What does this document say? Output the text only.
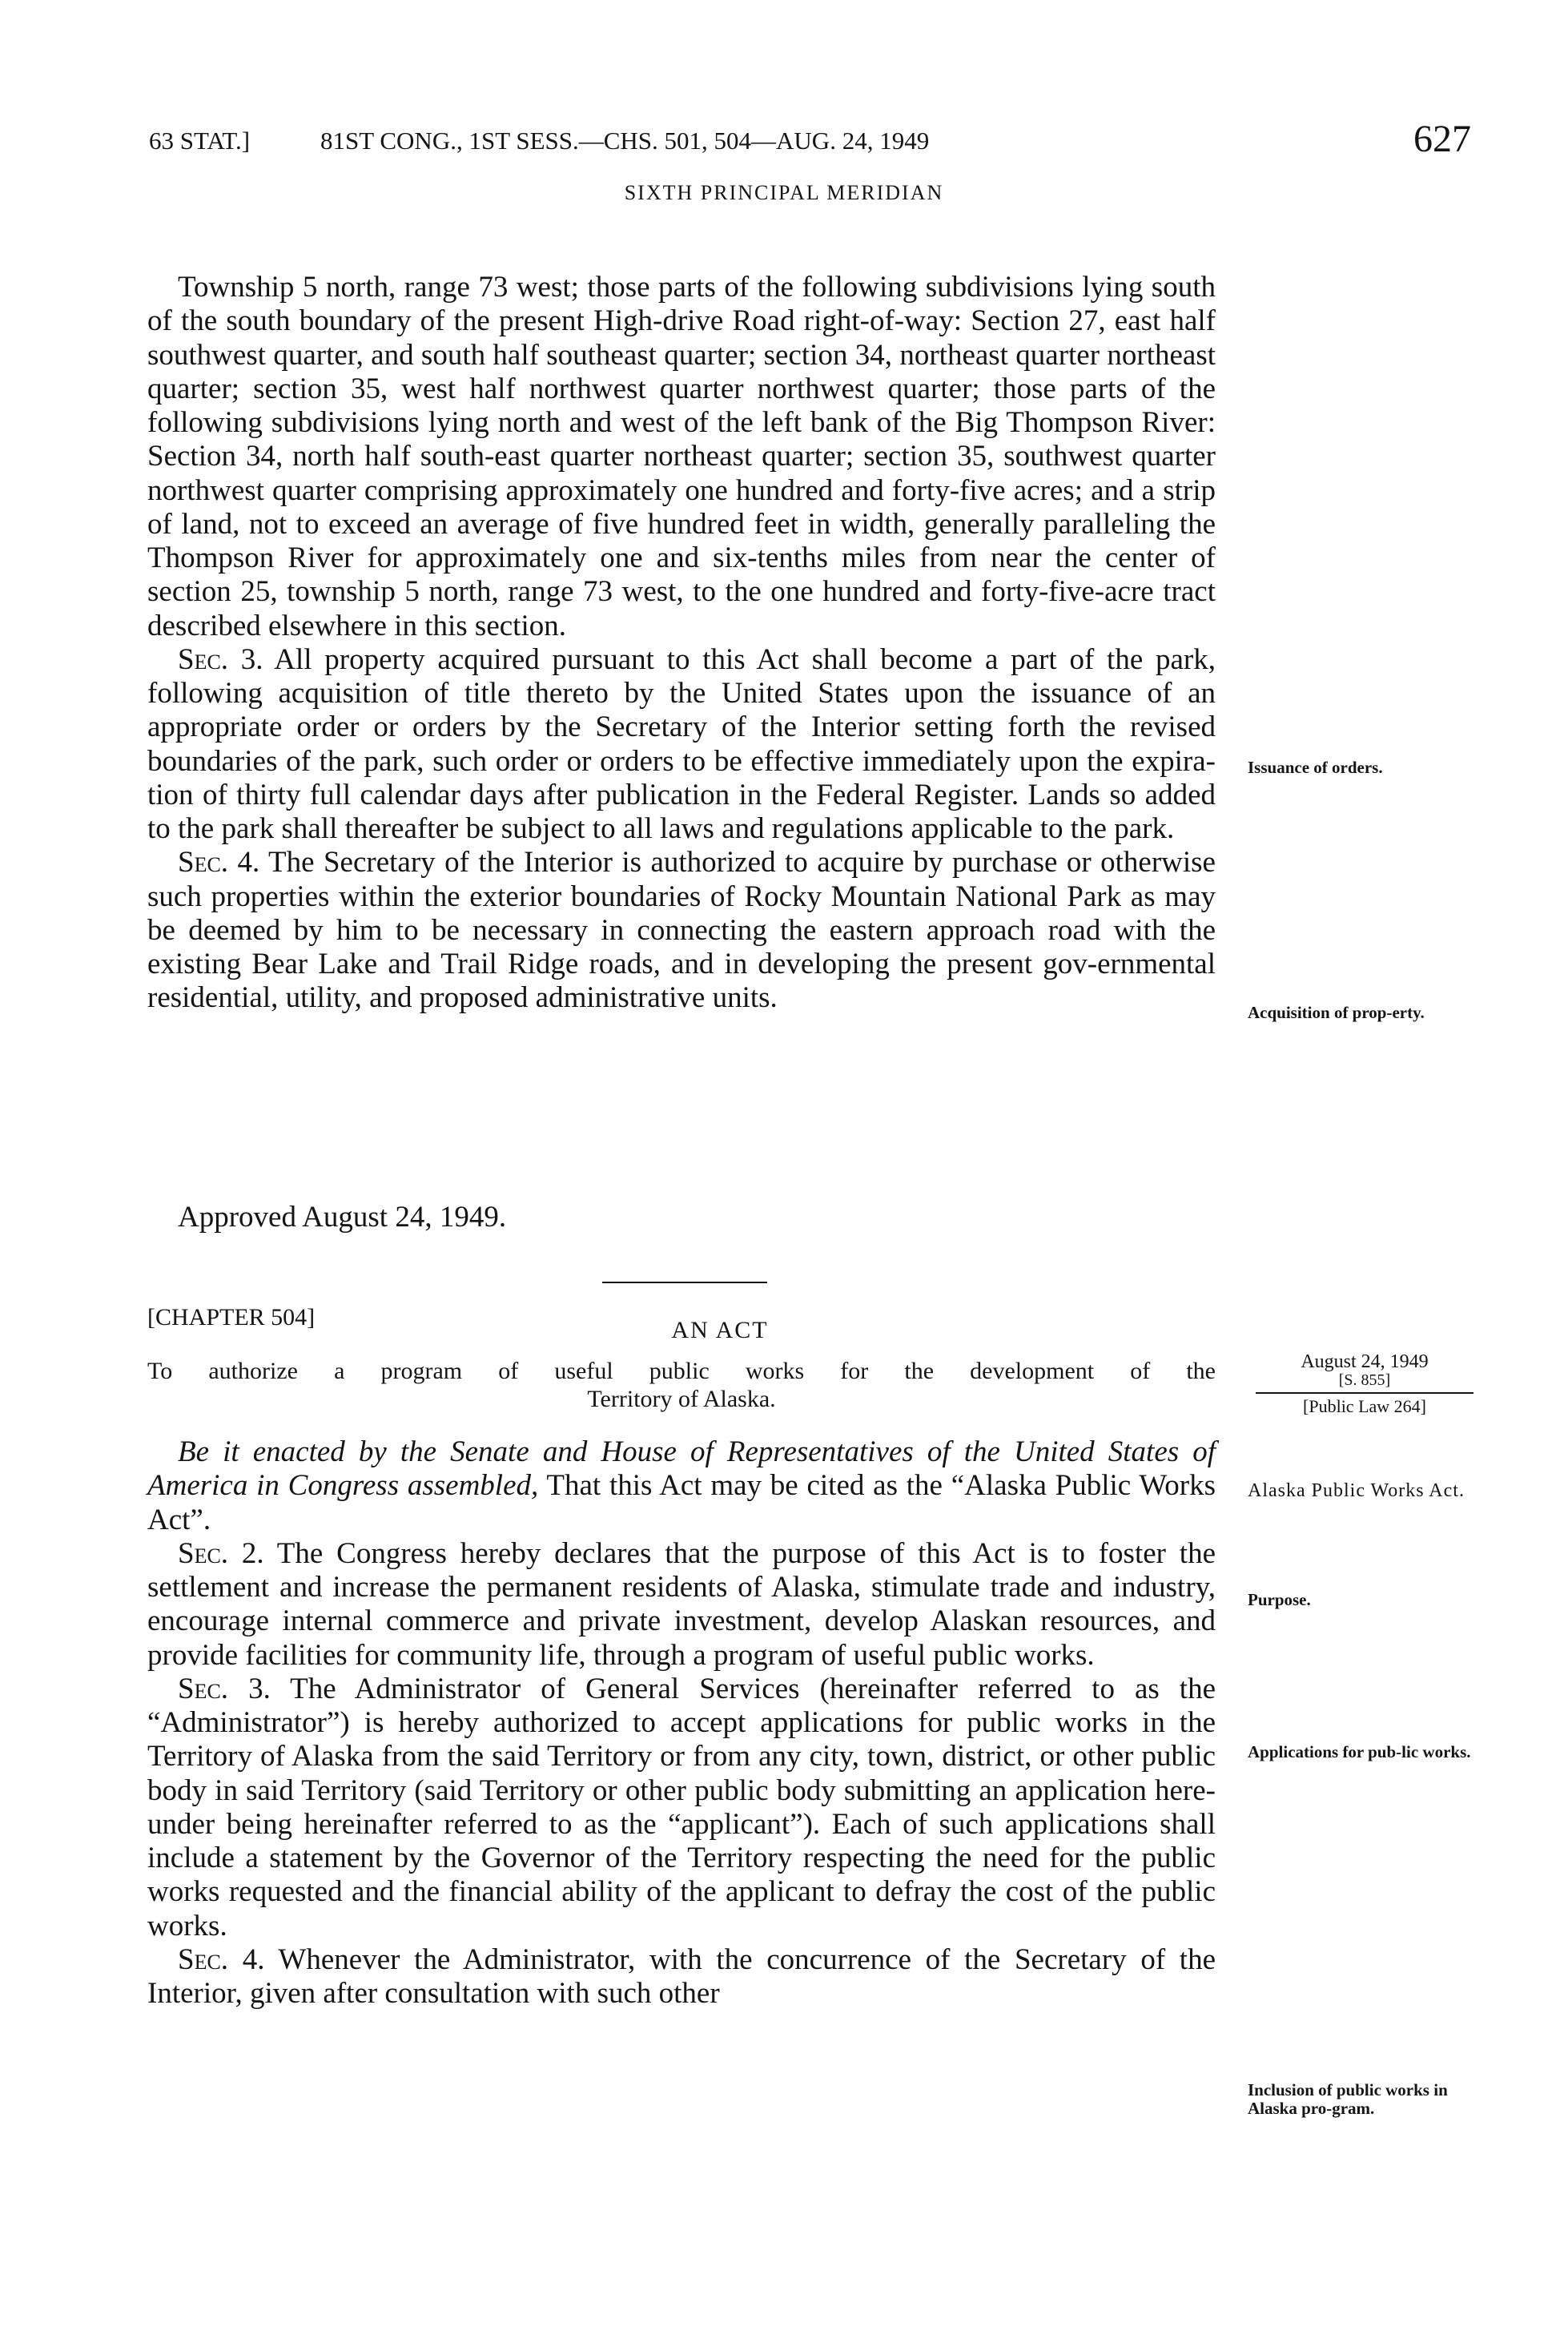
63 STAT.]	81ST CONG., 1ST SESS.—CHS. 501, 504—AUG. 24, 1949	627
SIXTH PRINCIPAL MERIDIAN

Township 5 north, range 73 west; those parts of the following subdivisions lying south of the south boundary of the present High-drive Road right-of-way: Section 27, east half southwest quarter, and south half southeast quarter; section 34, northeast quarter northeast quarter; section 35, west half northwest quarter northwest quarter; those parts of the following subdivisions lying north and west of the left bank of the Big Thompson River: Section 34, north half south-east quarter northeast quarter; section 35, southwest quarter northwest quarter comprising approximately one hundred and forty-five acres; and a strip of land, not to exceed an average of five hundred feet in width, generally paralleling the Thompson River for approximately one and six-tenths miles from near the center of section 25, township 5 north, range 73 west, to the one hundred and forty-five-acre tract described elsewhere in this section.

Sec. 3. All property acquired pursuant to this Act shall become a part of the park, following acquisition of title thereto by the United States upon the issuance of an appropriate order or orders by the Secretary of the Interior setting forth the revised boundaries of the park, such order or orders to be effective immediately upon the expira-tion of thirty full calendar days after publication in the Federal Register. Lands so added to the park shall thereafter be subject to all laws and regulations applicable to the park.

Sec. 4. The Secretary of the Interior is authorized to acquire by purchase or otherwise such properties within the exterior boundaries of Rocky Mountain National Park as may be deemed by him to be necessary in connecting the eastern approach road with the existing Bear Lake and Trail Ridge roads, and in developing the present gov-ernmental residential, utility, and proposed administrative units.

Approved August 24, 1949.
[CHAPTER 504]	AN ACT
To authorize a program of useful public works for the development of the
Territory of Alaska.
August 24, 1949
[S. 855]
[Public Law 264]

Be it enacted by the Senate and House of Representatives of the United States of America in Congress assembled, That this Act may be cited as the “Alaska Public Works Act”.

Sec. 2. The Congress hereby declares that the purpose of this Act is to foster the settlement and increase the permanent residents of Alaska, stimulate trade and industry, encourage internal commerce and private investment, develop Alaskan resources, and provide facilities for community life, through a program of useful public works.

Sec. 3. The Administrator of General Services (hereinafter referred to as the “Administrator”) is hereby authorized to accept applications for public works in the Territory of Alaska from the said Territory or from any city, town, district, or other public body in said Territory (said Territory or other public body submitting an application here-under being hereinafter referred to as the “applicant”). Each of such applications shall include a statement by the Governor of the Territory respecting the need for the public works requested and the financial ability of the applicant to defray the cost of the public works.

Sec. 4. Whenever the Administrator, with the concurrence of the Secretary of the Interior, given after consultation with such other

Issuance of orders.
Acquisition of prop-erty.
Alaska Public Works Act.
Purpose.
Applications for pub-lic works.
Inclusion of public works in Alaska pro-gram.
